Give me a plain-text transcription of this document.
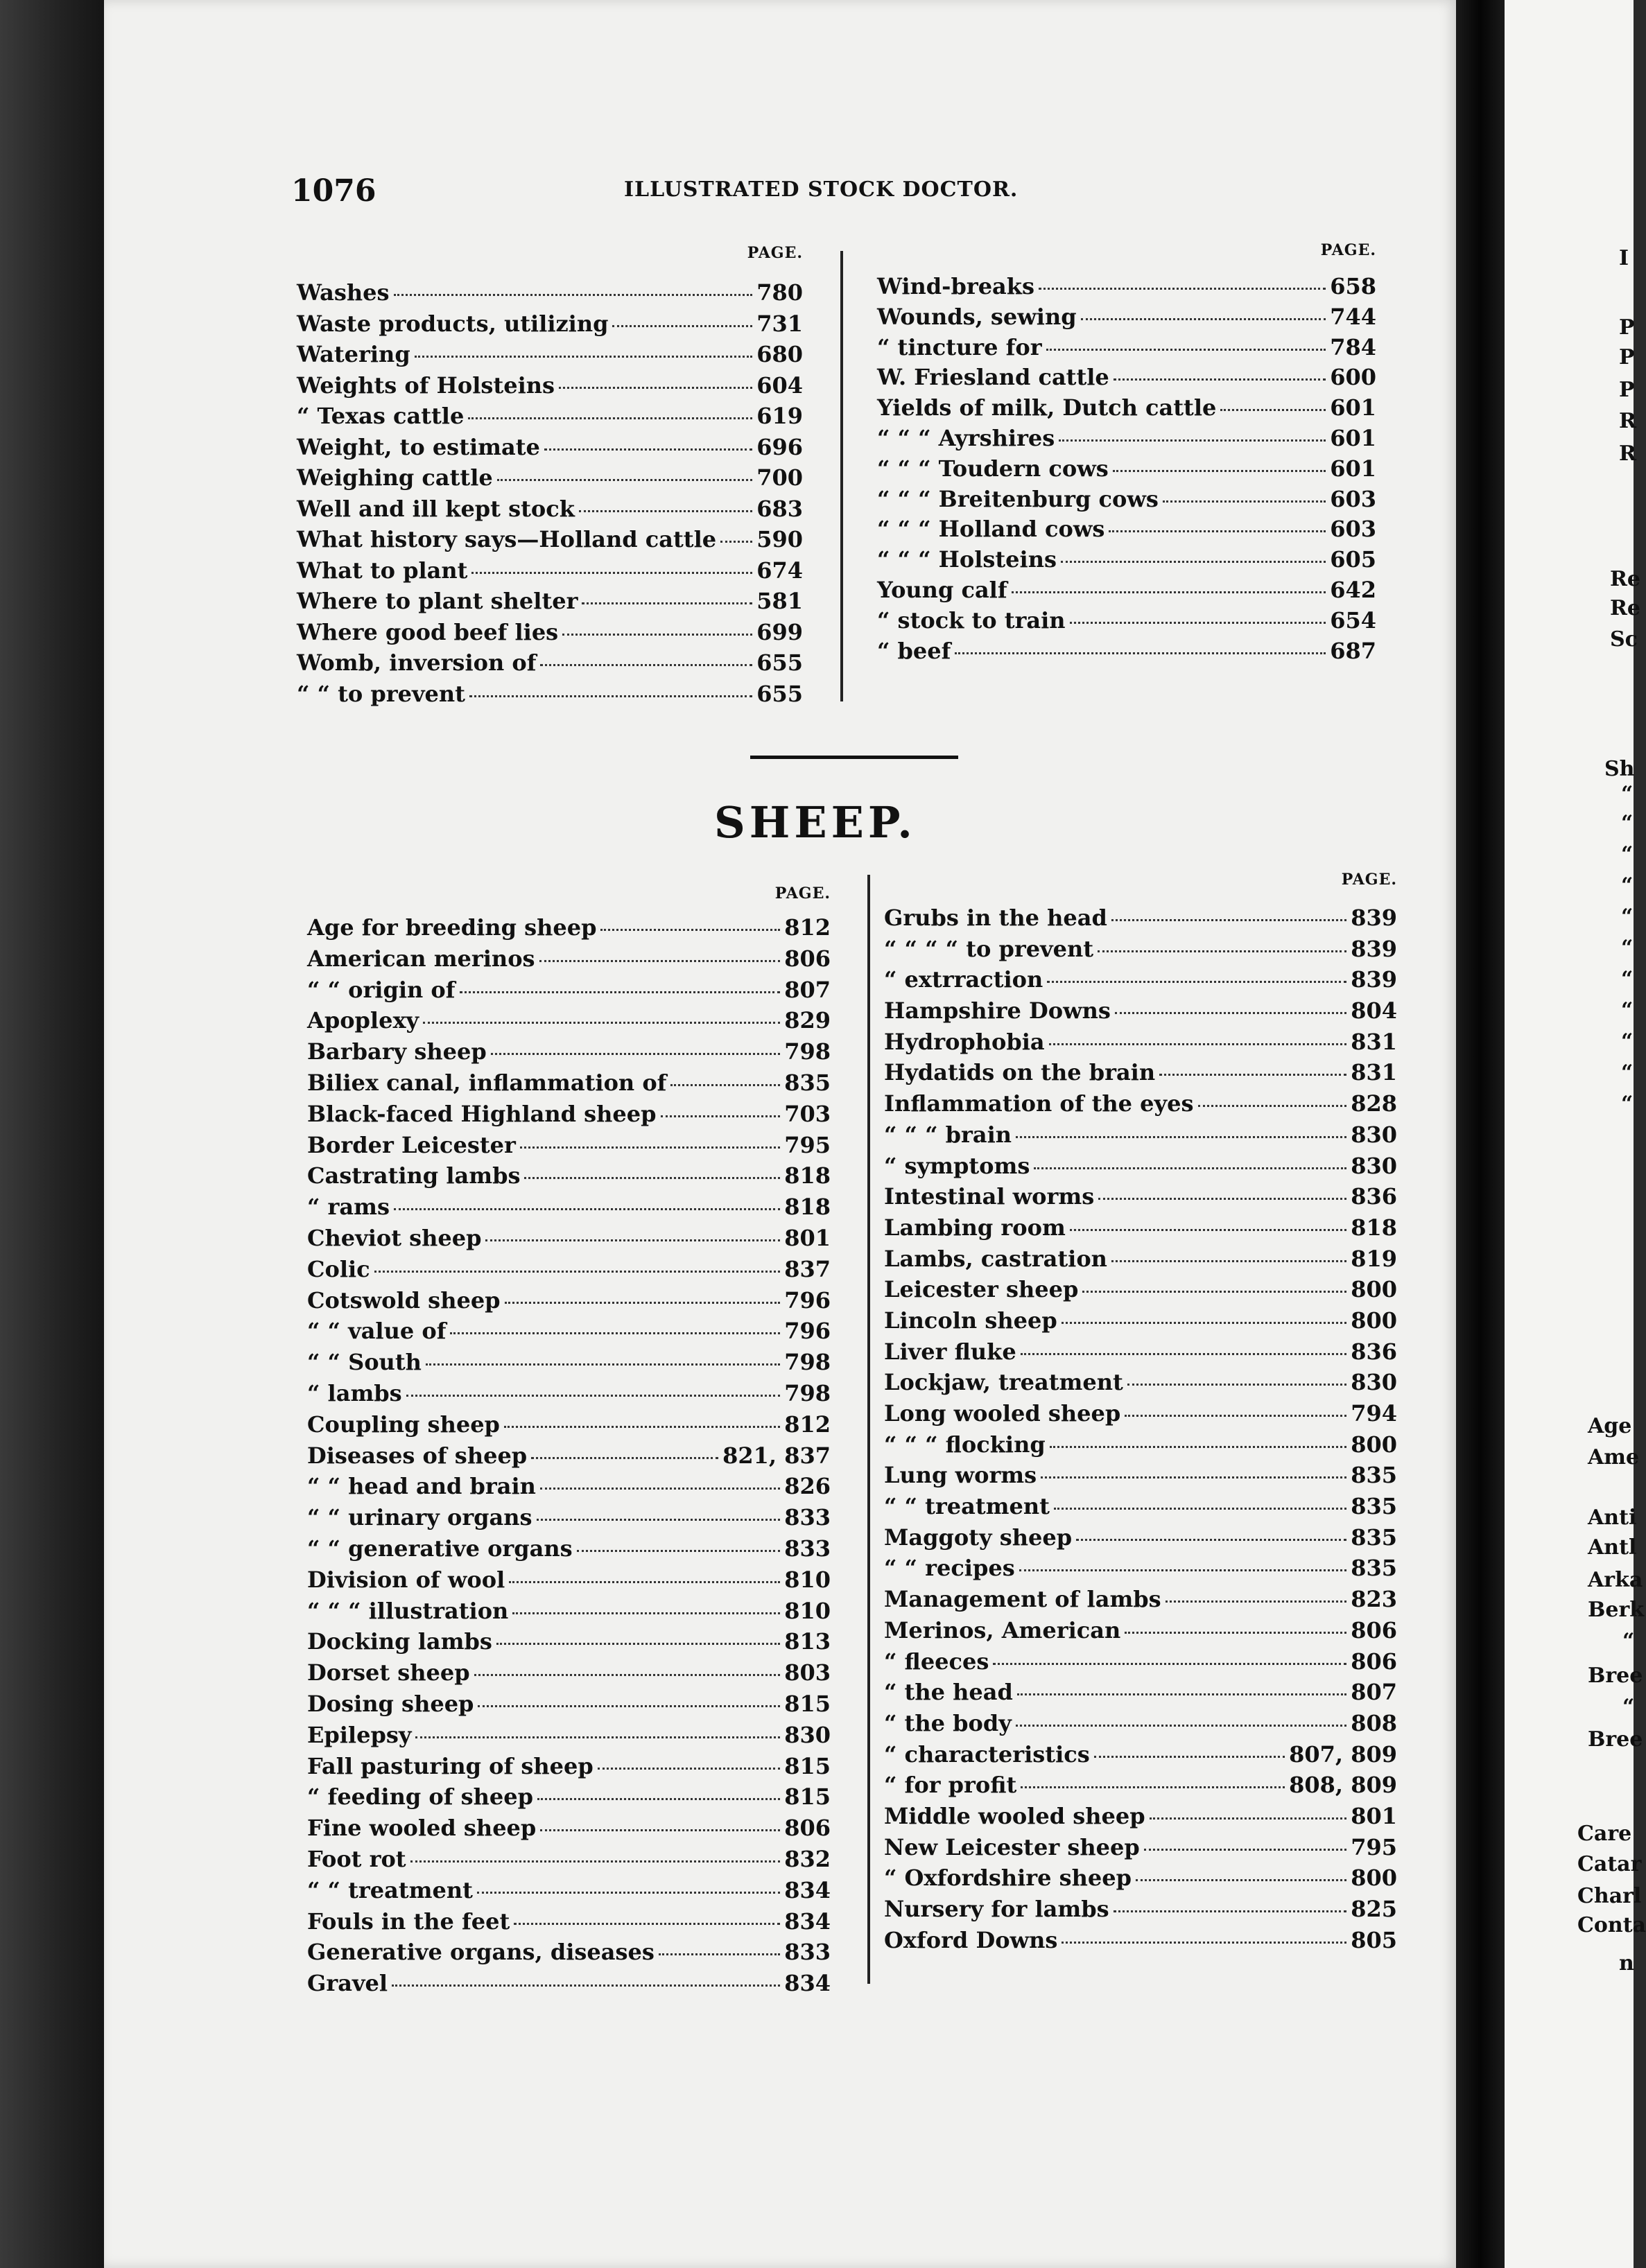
1076	ILLUSTRATED STOCK DOCTOR.
PAGE.
Washes	780
Waste products, utilizing	731
Watering	680
Weights of Holsteins	604
“ Texas cattle	619
Weight, to estimate	696
Weighing cattle	700
Well and ill kept stock	683
What history says—Holland cattle 590
What to plant	674
Where to plant shelter	581
Where good beef lies	699
Womb, inversion of	655
“ “ to prevent	655
PAGE.
Wind-breaks	658
Wounds, sewing	744
“ tincture for	784
W. Friesland cattle	600
Yields of milk, Dutch cattle	601
“ “ “ Ayrshires	601
“ “ “ Toudern cows	601
“ “ “ Breitenburg cows	603
“ “ “ Holland cows	603
“ “ “ Holsteins	605
Young calf	642
“ stock to train	654
“ beef	687
SHEEP.
PAGE.
Age for breeding sheep	812
American merinos	806
“ “ origin of	807
Apoplexy	829
Barbary sheep	798
Biliex canal, inflammation of	835
Black-faced Highland sheep	703
Border Leicester	795
Castrating lambs	818
“ rams	818
Cheviot sheep	801
Colic	837
Cotswold sheep	796
“ “ value of	796
“ “ South	798
“ lambs	798
Coupling sheep	812
Diseases of sheep	821, 837
“ “ head and brain	826
“ “ urinary organs	833
“ “ generative organs	833
Division of wool	810
“ “ “ illustration	810
Docking lambs	813
Dorset sheep	803
Dosing sheep	815
Epilepsy	830
Fall pasturing of sheep	815
“ feeding of sheep	815
Fine wooled sheep	806
Foot rot	832
“ “ treatment	834
Fouls in the feet	834
Generative organs, diseases	833
Gravel	834
PAGE.
Grubs in the head	839
“ “ “ “ to prevent	839
“ extrraction	839
Hampshire Downs	804
Hydrophobia	831
Hydatids on the brain	831
Inflammation of the eyes	828
“ “ “ brain	830
“ symptoms	830
Intestinal worms	836
Lambing room	818
Lambs, castration	819
Leicester sheep	800
Lincoln sheep	800
Liver fluke	836
Lockjaw, treatment	830
Long wooled sheep	794
“ “ “ flocking	800
Lung worms	835
“ “ treatment	835
Maggoty sheep	835
“ “ recipes	835
Management of lambs	823
Merinos, American	806
“ fleeces	806
“ the head	807
“ the body	808
“ characteristics	807, 809
“ for profit	808, 809
Middle wooled sheep	801
New Leicester sheep	795
“ Oxfordshire sheep	800
Nursery for lambs	825
Oxford Downs	805
I
P
P
P
R
R
Re
Re
Sc
Sh
“
“
“
“
“
“
“
“
“
“
“
Age
Ame
Anti
Antl
Arka
Berk
“
Bree
“
Bree
Care
Catar
Charl
Conta
n
